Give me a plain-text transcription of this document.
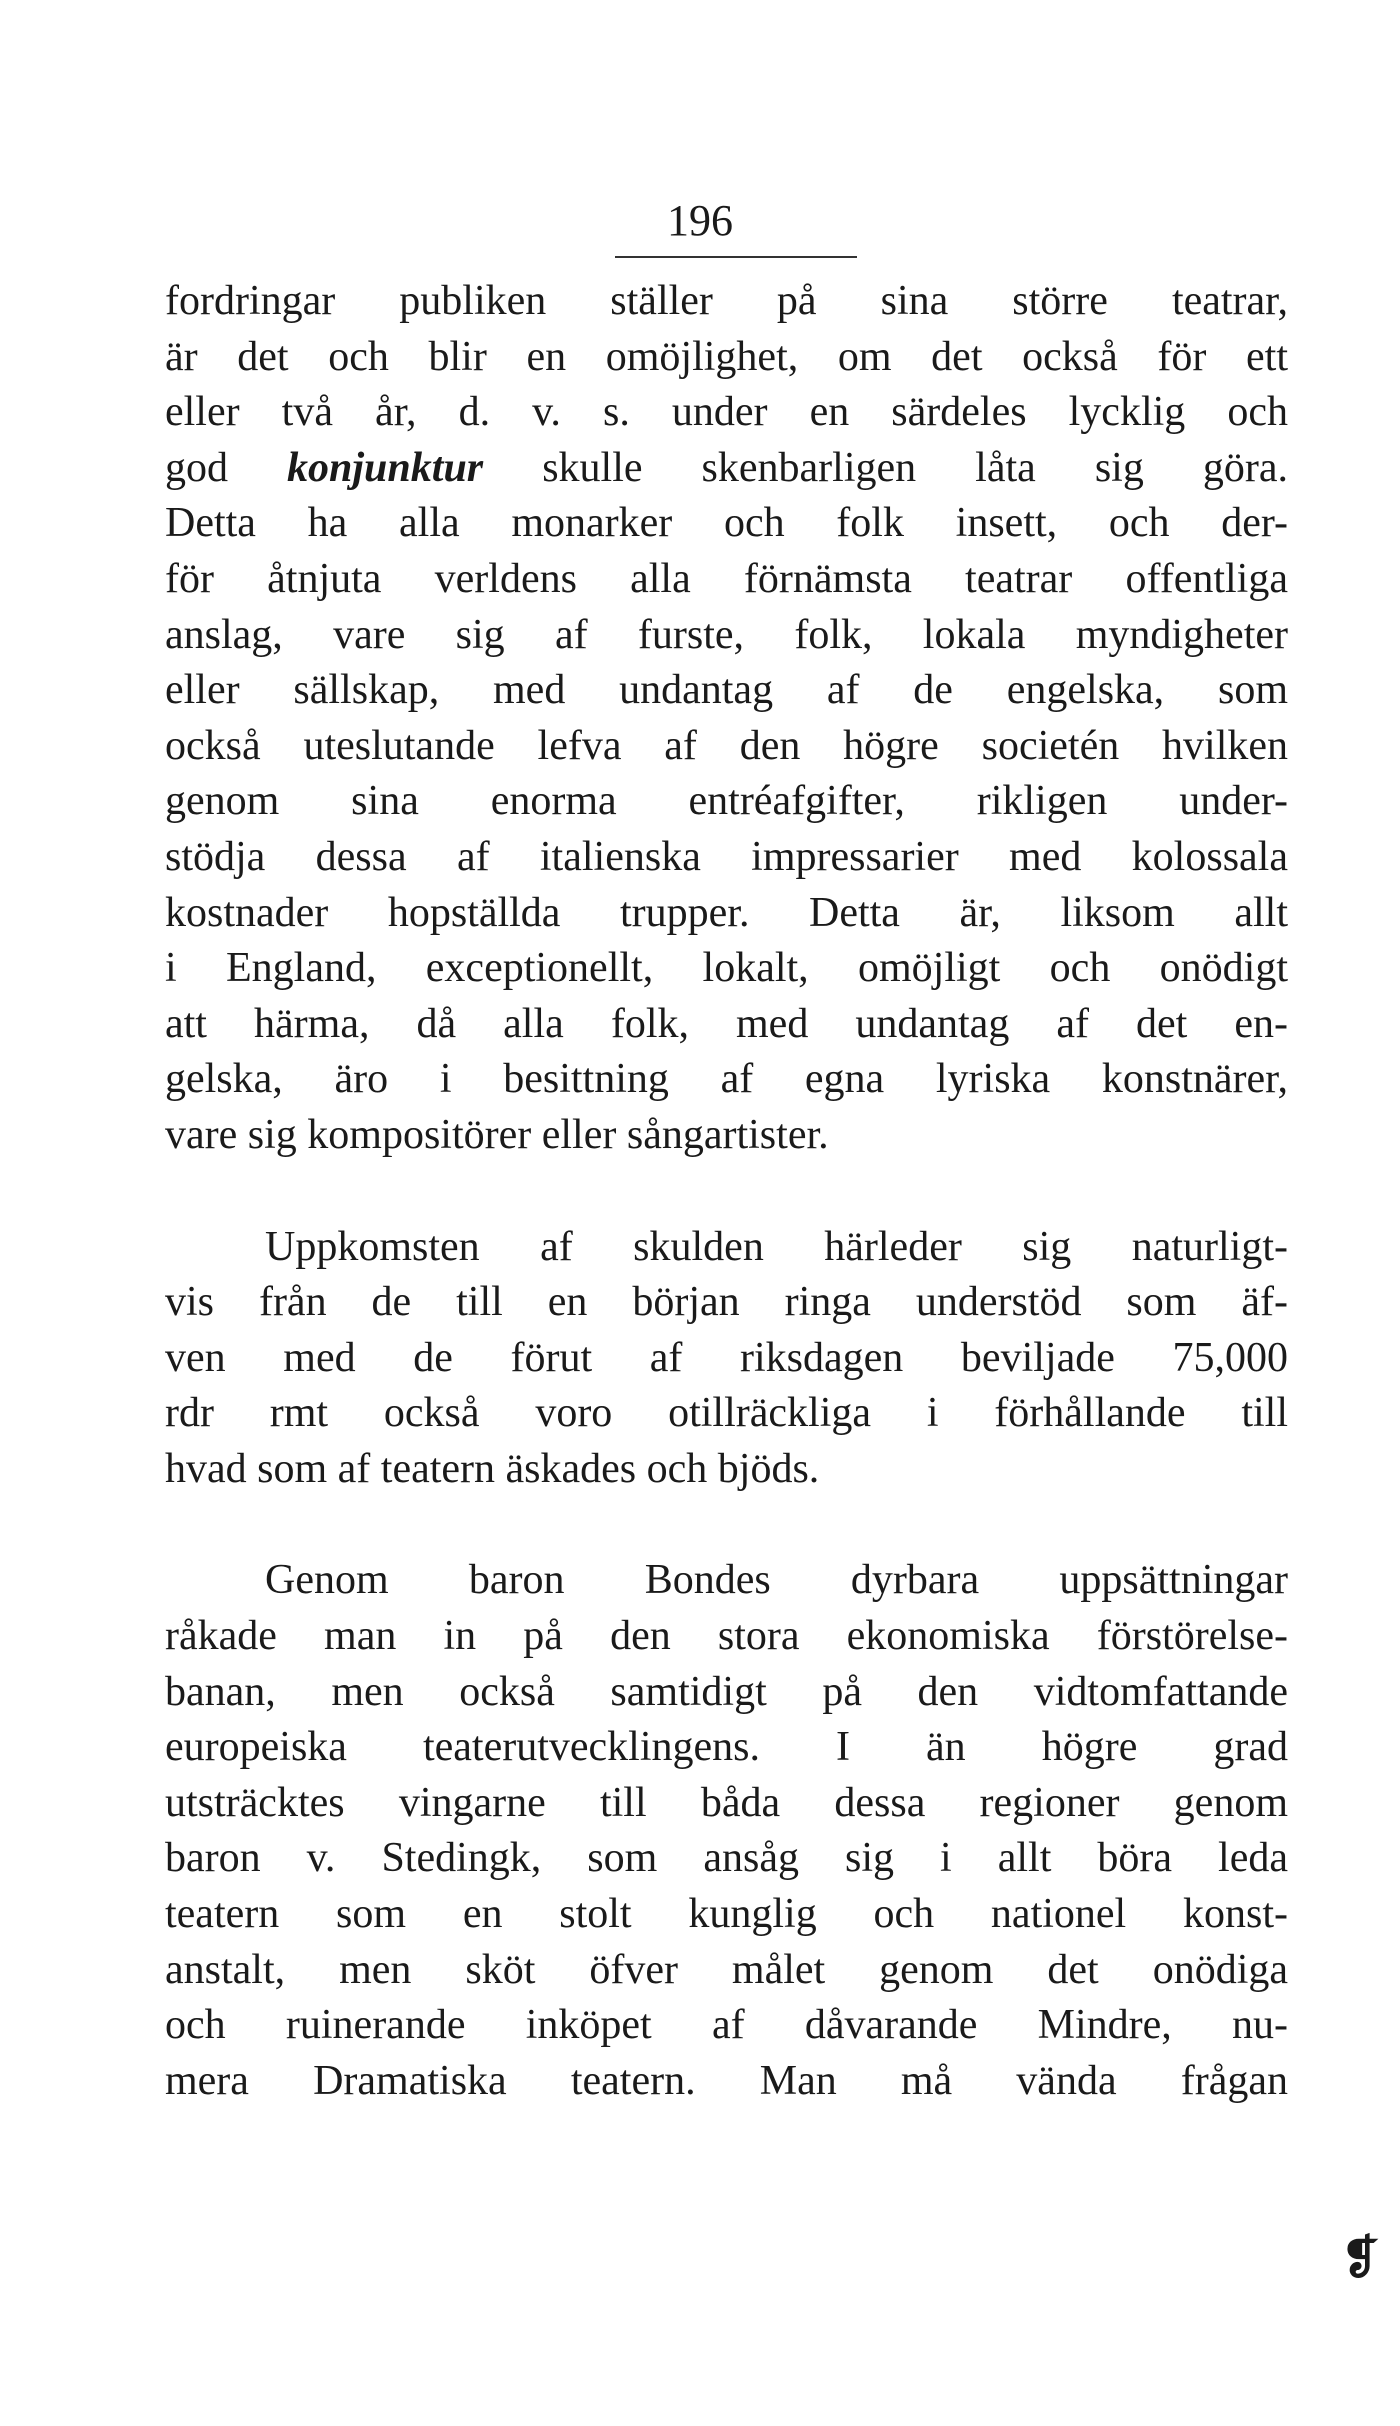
196

fordringar publiken ställer på sina större teatrar,
är det och blir en omöjlighet, om det också för ett
eller två år, d. v. s. under en särdeles lycklig och
god konjunktur skulle skenbarligen låta sig göra.
Detta ha alla monarker och folk insett, och der-
för åtnjuta verldens alla förnämsta teatrar offentliga
anslag, vare sig af furste, folk, lokala myndigheter
eller sällskap, med undantag af de engelska, som
också uteslutande lefva af den högre societén hvilken
genom sina enorma entréafgifter, rikligen under-
stödja dessa af italienska impressarier med kolossala
kostnader hopställda trupper. Detta är, liksom allt
i England, exceptionellt, lokalt, omöjligt och onödigt
att härma, då alla folk, med undantag af det en-
gelska, äro i besittning af egna lyriska konstnärer,
vare sig kompositörer eller sångartister.
Uppkomsten af skulden härleder sig naturligt-
vis från de till en början ringa understöd som äf-
ven med de förut af riksdagen beviljade 75,000
rdr rmt också voro otillräckliga i förhållande till
hvad som af teatern äskades och bjöds.
Genom baron Bondes dyrbara uppsättningar
råkade man in på den stora ekonomiska förstörelse-
banan, men också samtidigt på den vidtomfattande
europeiska teaterutvecklingens. I än högre grad
utsträcktes vingarne till båda dessa regioner genom
baron v. Stedingk, som ansåg sig i allt böra leda
teatern som en stolt kunglig och nationel konst-
anstalt, men sköt öfver målet genom det onödiga
och ruinerande inköpet af dåvarande Mindre, nu-
mera Dramatiska teatern. Man må vända frågan
❡
